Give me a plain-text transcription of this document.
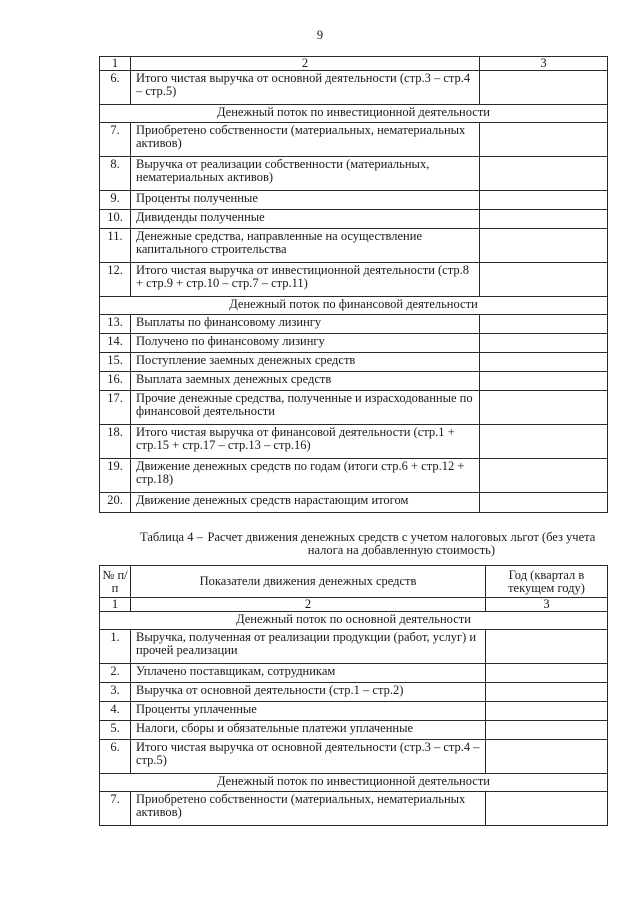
9
1	2	3
6.	Итого чистая выручка от основной деятельности (стр.3 – стр.4 – стр.5)	
Денежный поток по инвестиционной деятельности		
7.	Приобретено собственности (материальных, нематериальных активов)	
8.	Выручка от реализации собственности (материальных, нематериальных активов)	
9.	Проценты полученные	
10.	Дивиденды полученные	
11.	Денежные средства, направленные на осуществление капитального строительства	
12.	Итого чистая выручка от инвестиционной деятельности (стр.8 + стр.9 + стр.10 – стр.7 – стр.11)	
Денежный поток по финансовой деятельности		
13.	Выплаты по финансовому лизингу	
14.	Получено по финансовому лизингу	
15.	Поступление заемных денежных средств	
16.	Выплата заемных денежных средств	
17.	Прочие денежные средства, полученные и израсходованные по финансовой деятельности	
18.	Итого чистая выручка от финансовой деятельности (стр.1 + стр.15 + стр.17 – стр.13 – стр.16)	
19.	Движение денежных средств по годам (итоги стр.6 + стр.12 + стр.18)	
20.	Движение денежных средств нарастающим итогом	
Таблица 4 – Расчет движения денежных средств с учетом налоговых льгот (без учета налога на добавленную стоимость)
№ п/п	Показатели движения денежных средств	Год (квартал в текущем году)
1	2	3
Денежный поток по основной деятельности		
1.	Выручка, полученная от реализации продукции (работ, услуг) и прочей реализации	
2.	Уплачено поставщикам, сотрудникам	
3.	Выручка от основной деятельности (стр.1 – стр.2)	
4.	Проценты уплаченные	
5.	Налоги, сборы и обязательные платежи уплаченные	
6.	Итого чистая выручка от основной деятельности (стр.3 – стр.4 – стр.5)	
Денежный поток по инвестиционной деятельности		
7.	Приобретено собственности (материальных, нематериальных активов)	
